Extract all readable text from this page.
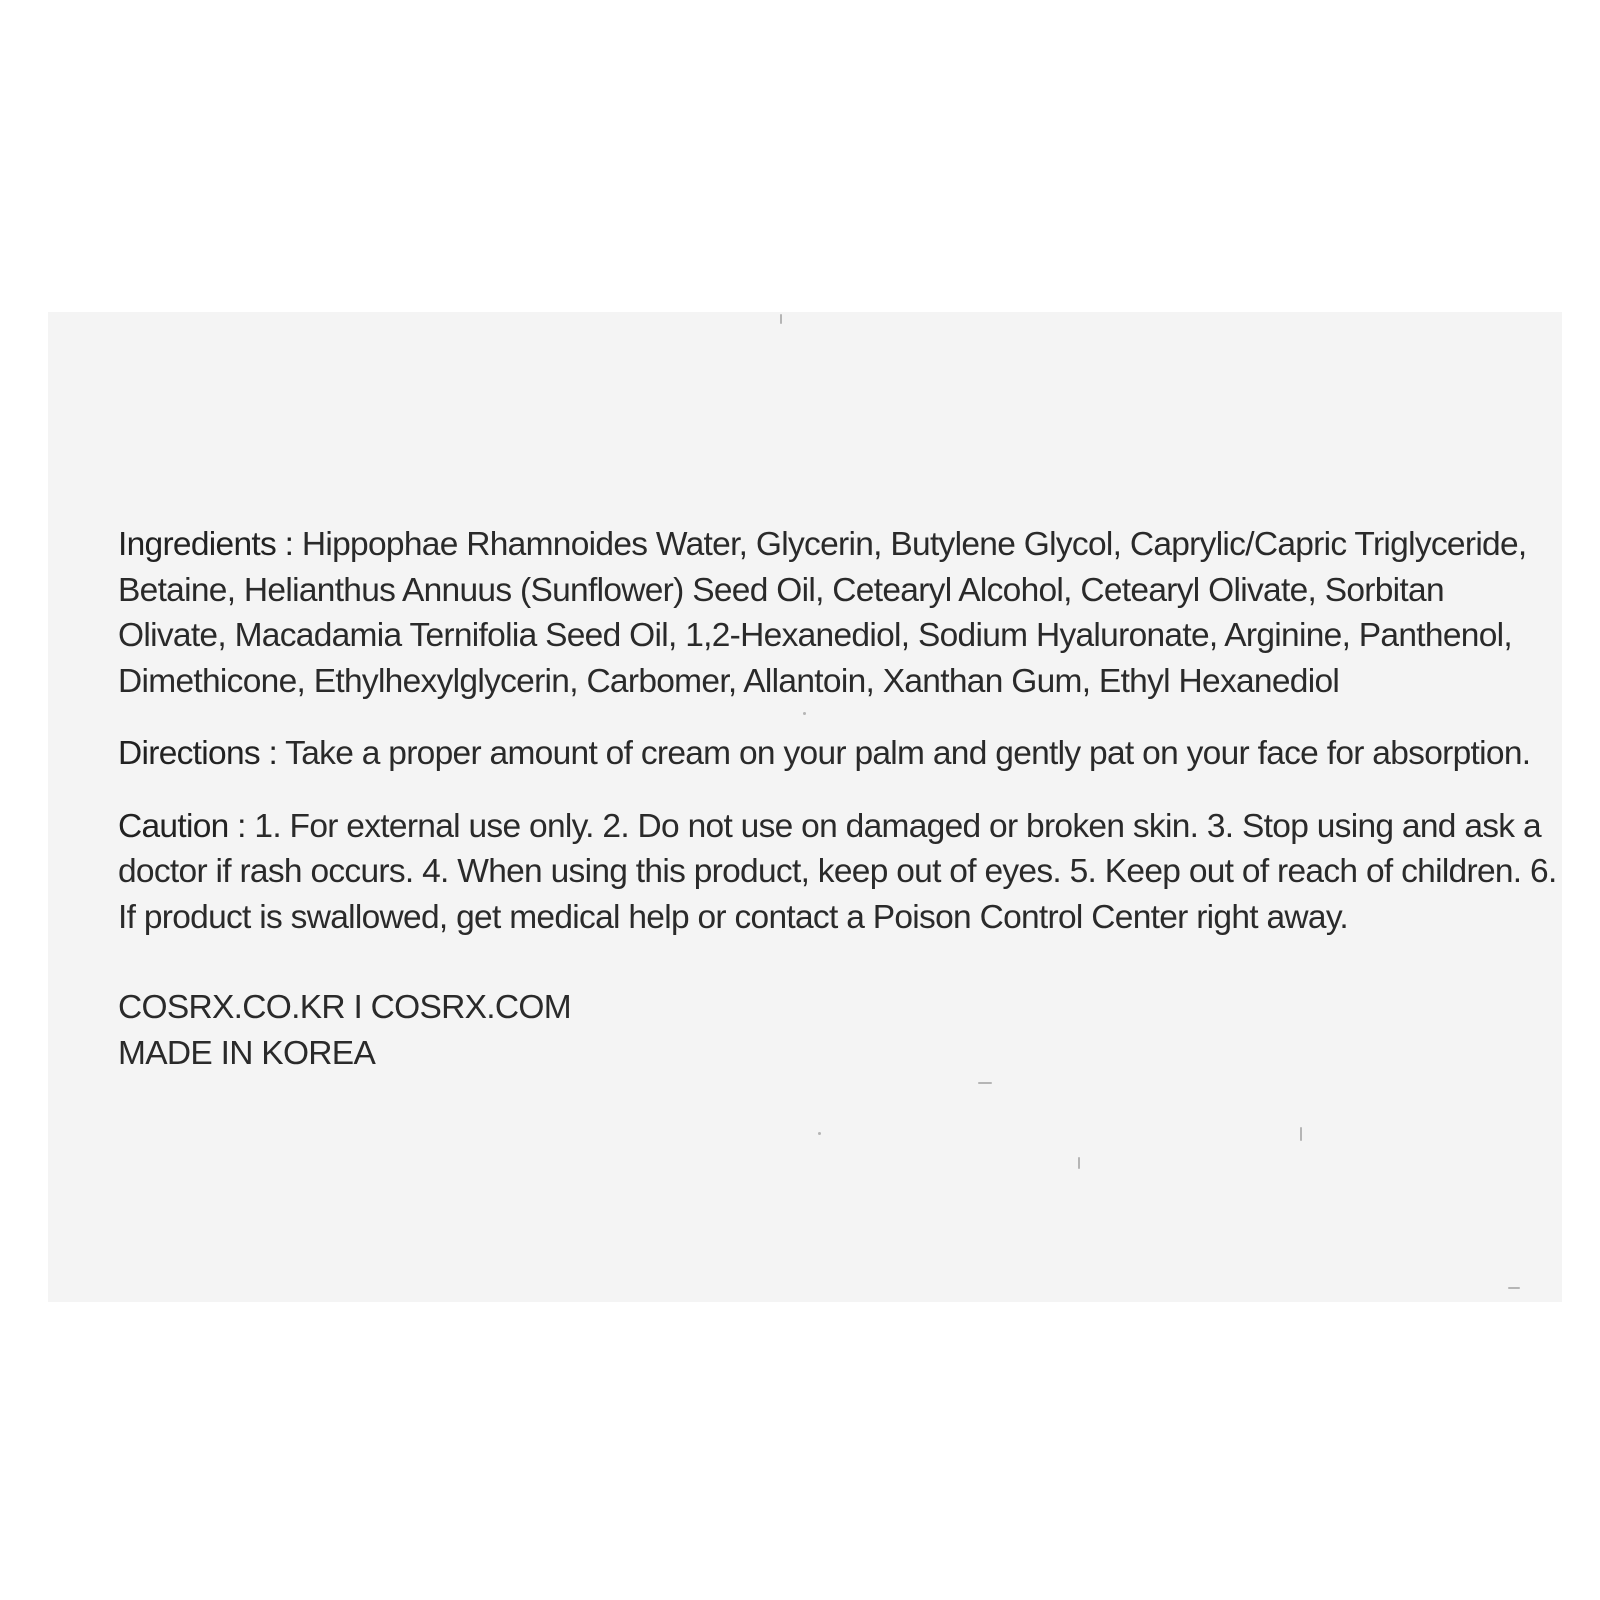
Ingredients : Hippophae Rhamnoides Water, Glycerin, Butylene Glycol, Caprylic/Capric Triglyceride, Betaine, Helianthus Annuus (Sunflower) Seed Oil, Cetearyl Alcohol, Cetearyl Olivate, Sorbitan Olivate, Macadamia Ternifolia Seed Oil, 1,2-Hexanediol, Sodium Hyaluronate, Arginine, Panthenol, Dimethicone, Ethylhexylglycerin, Carbomer, Allantoin, Xanthan Gum, Ethyl Hexanediol

Directions : Take a proper amount of cream on your palm and gently pat on your face for absorption.

Caution : 1. For external use only. 2. Do not use on damaged or broken skin. 3. Stop using and ask a doctor if rash occurs. 4. When using this product, keep out of eyes. 5. Keep out of reach of children. 6. If product is swallowed, get medical help or contact a Poison Control Center right away.

COSRX.CO.KR I COSRX.COM
MADE IN KOREA
